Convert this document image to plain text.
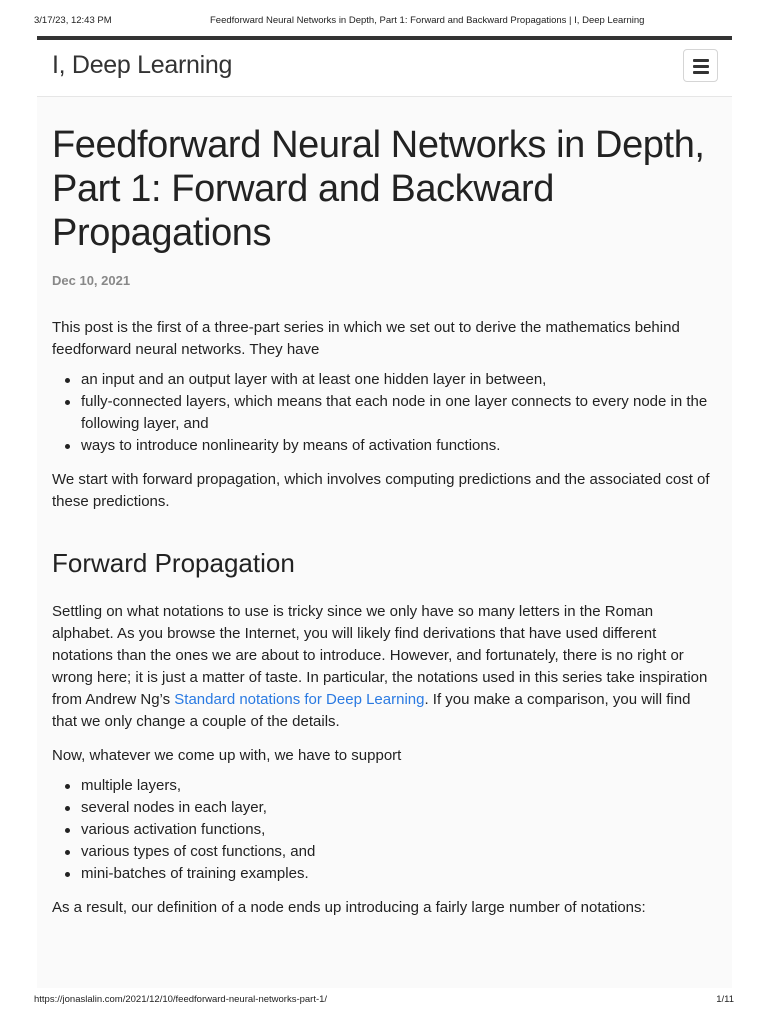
3/17/23, 12:43 PM	Feedforward Neural Networks in Depth, Part 1: Forward and Backward Propagations | I, Deep Learning
I, Deep Learning
Feedforward Neural Networks in Depth, Part 1: Forward and Backward Propagations
Dec 10, 2021

This post is the first of a three-part series in which we set out to derive the mathematics behind feedforward neural networks. They have

an input and an output layer with at least one hidden layer in between,
fully-connected layers, which means that each node in one layer connects to every node in the following layer, and
ways to introduce nonlinearity by means of activation functions.

We start with forward propagation, which involves computing predictions and the associated cost of these predictions.

Forward Propagation

Settling on what notations to use is tricky since we only have so many letters in the Roman alphabet. As you browse the Internet, you will likely find derivations that have used different notations than the ones we are about to introduce. However, and fortunately, there is no right or wrong here; it is just a matter of taste. In particular, the notations used in this series take inspiration from Andrew Ng’s Standard notations for Deep Learning. If you make a comparison, you will find that we only change a couple of the details.

Now, whatever we come up with, we have to support

multiple layers,
several nodes in each layer,
various activation functions,
various types of cost functions, and
mini-batches of training examples.

As a result, our definition of a node ends up introducing a fairly large number of notations:

https://jonaslalin.com/2021/12/10/feedforward-neural-networks-part-1/	1/11
